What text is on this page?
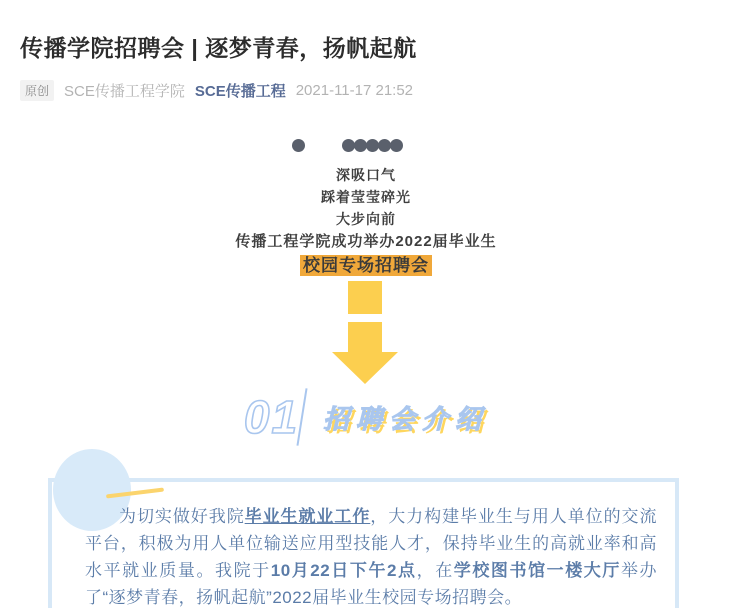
传播学院招聘会 | 逐梦青春，扬帆起航
原创	SCE传播工程学院 SCE传播工程 2021-11-17 21:52
深吸口气
踩着莹莹碎光
大步向前
传播工程学院成功举办2022届毕业生
校园专场招聘会
01 招聘会介绍

为切实做好我院毕业生就业工作，大力构建毕业生与用人单位的交流平台，积极为用人单位输送应用型技能人才，保持毕业生的高就业率和高水平就业质量。我院于10月22日下午2点，在学校图书馆一楼大厅举办了“逐梦青春，扬帆起航”2022届毕业生校园专场招聘会。
